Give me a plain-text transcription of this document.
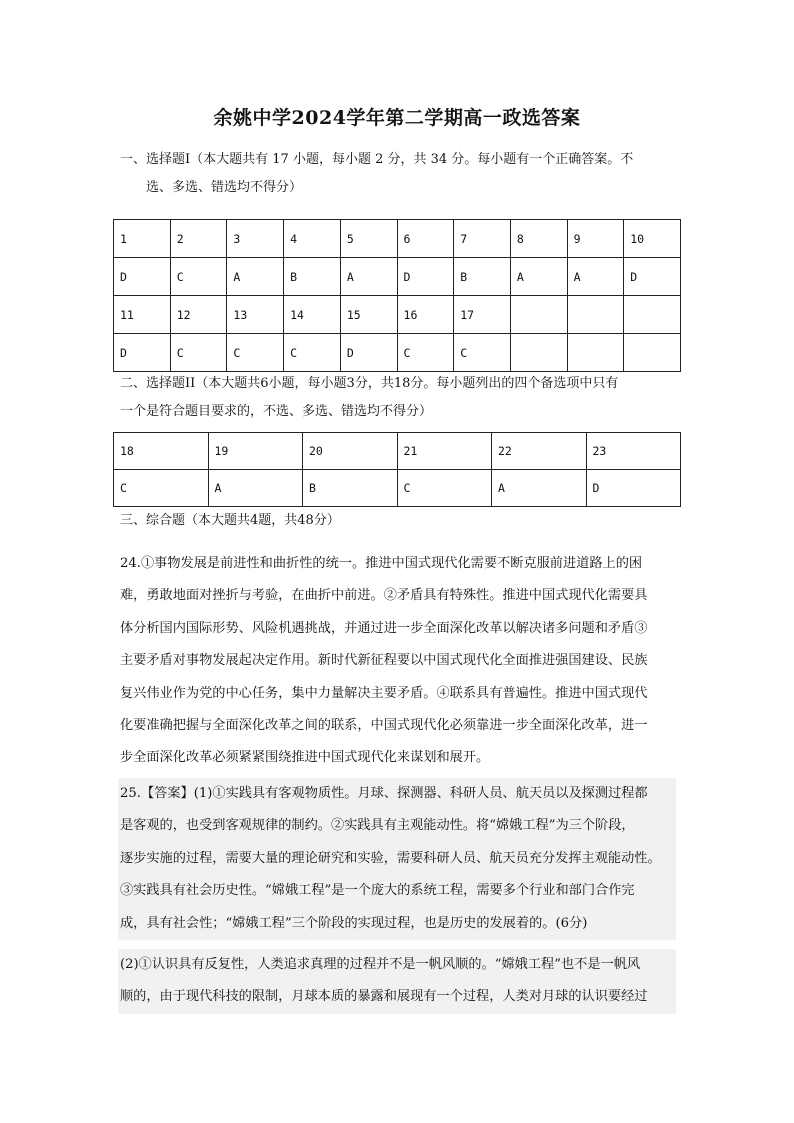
余姚中学2024学年第二学期高一政选答案
一、选择题Ⅰ（本大题共有 17 小题，每小题 2 分，共 34 分。每小题有一个正确答案。不
选、多选、错选均不得分）
1	2	3	4	5	6	7	8	9	10
D	C	A	B	A	D	B	A	A	D
11	12	13	14	15	16	17			
D	C	C	C	D	C	C			
二、选择题II（本大题共6小题，每小题3分，共18分。每小题列出的四个备选项中只有
一个是符合题目要求的，不选、多选、错选均不得分）
18	19	20	21	22	23
C	A	B	C	A	D
三、综合题（本大题共4题，共48分）
24.①事物发展是前进性和曲折性的统一。推进中国式现代化需要不断克服前进道路上的困
难，勇敢地面对挫折与考验，在曲折中前进。②矛盾具有特殊性。推进中国式现代化需要具
体分析国内国际形势、风险机遇挑战，并通过进一步全面深化改革以解决诸多问题和矛盾③
主要矛盾对事物发展起决定作用。新时代新征程要以中国式现代化全面推进强国建设、民族
复兴伟业作为党的中心任务，集中力量解决主要矛盾。④联系具有普遍性。推进中国式现代
化要准确把握与全面深化改革之间的联系，中国式现代化必须靠进一步全面深化改革，进一
步全面深化改革必须紧紧围绕推进中国式现代化来谋划和展开。
25.【答案】(1)①实践具有客观物质性。月球、探测器、科研人员、航天员以及探测过程都
是客观的，也受到客观规律的制约。②实践具有主观能动性。将“嫦娥工程”为三个阶段，
逐步实施的过程，需要大量的理论研究和实验，需要科研人员、航天员充分发挥主观能动性。
③实践具有社会历史性。“嫦娥工程”是一个庞大的系统工程，需要多个行业和部门合作完
成，具有社会性；“嫦娥工程”三个阶段的实现过程，也是历史的发展着的。(6分)
(2)①认识具有反复性，人类追求真理的过程并不是一帆风顺的。“嫦娥工程”也不是一帆风
顺的，由于现代科技的限制，月球本质的暴露和展现有一个过程，人类对月球的认识要经过
